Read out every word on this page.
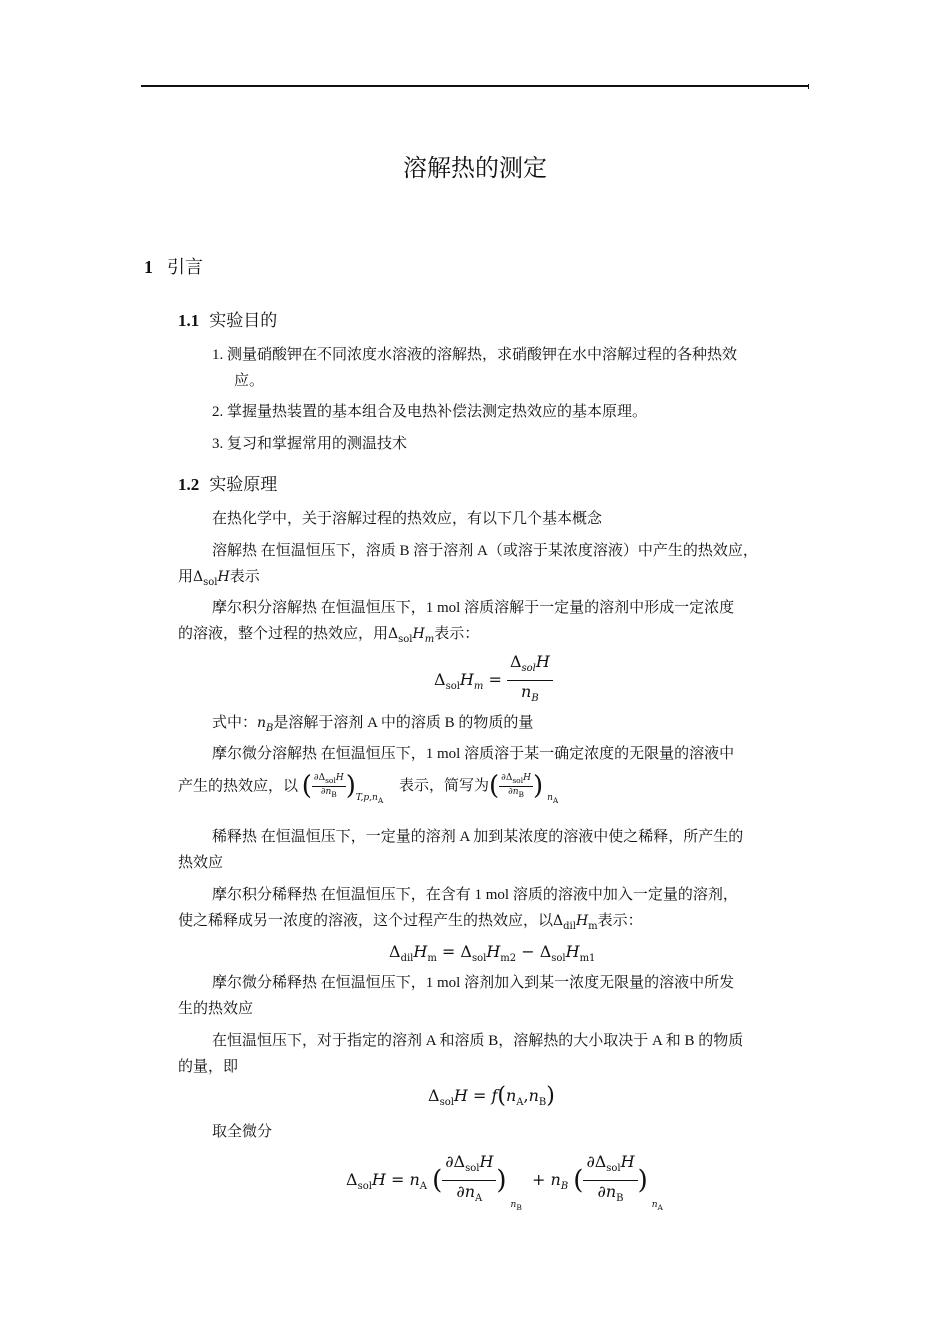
溶解热的测定
1 引言
1.1 实验目的
1. 测量硝酸钾在不同浓度水溶液的溶解热，求硝酸钾在水中溶解过程的各种热效
应。
2. 掌握量热装置的基本组合及电热补偿法测定热效应的基本原理。
3. 复习和掌握常用的测温技术
1.2 实验原理
在热化学中，关于溶解过程的热效应，有以下几个基本概念
溶解热 在恒温恒压下，溶质 B 溶于溶剂 A（或溶于某浓度溶液）中产生的热效应，
用$\Delta_{sol}H$表示
摩尔积分溶解热 在恒温恒压下，1 mol 溶质溶解于一定量的溶剂中形成一定浓度
的溶液，整个过程的热效应，用$\Delta_{sol}H_m$表示：
$\Delta_{sol}H_m = \frac{\Delta_{sol}H}{n_B}$
式中：$n_B$是溶解于溶剂 A 中的溶质 B 的物质的量
摩尔微分溶解热 在恒温恒压下，1 mol 溶质溶于某一确定浓度的无限量的溶液中
产生的热效应，以 ( $\frac{\partial\Delta_{sol}H}{\partial n_B} )_{T,p,n_A}$ 表示，简写为( $\frac{\partial\Delta_{sol}H}{\partial n_B}$ ) $_{n_A}$
稀释热 在恒温恒压下，一定量的溶剂 A 加到某浓度的溶液中使之稀释，所产生的
热效应
摩尔积分稀释热 在恒温恒压下，在含有 1 mol 溶质的溶液中加入一定量的溶剂，
使之稀释成另一浓度的溶液，这个过程产生的热效应，以$\Delta_{dil}H_m$表示：
$\Delta_{dil}H_m = \Delta_{sol}H_{m2} - \Delta_{sol}H_{m1}$
摩尔微分稀释热 在恒温恒压下，1 mol 溶剂加入到某一浓度无限量的溶液中所发
生的热效应
在恒温恒压下，对于指定的溶剂 A 和溶质 B，溶解热的大小取决于 A 和 B 的物质
的量，即
$\Delta_{sol}H = f(n_A,n_B)$
取全微分
$\Delta_{sol}H = n_A$ ( $\frac{\partial\Delta_{sol}H}{\partial n_A} )_{n_B} + n_B$ ( $\frac{\partial\Delta_{sol}H}{\partial n_B} )_{n_A}$
